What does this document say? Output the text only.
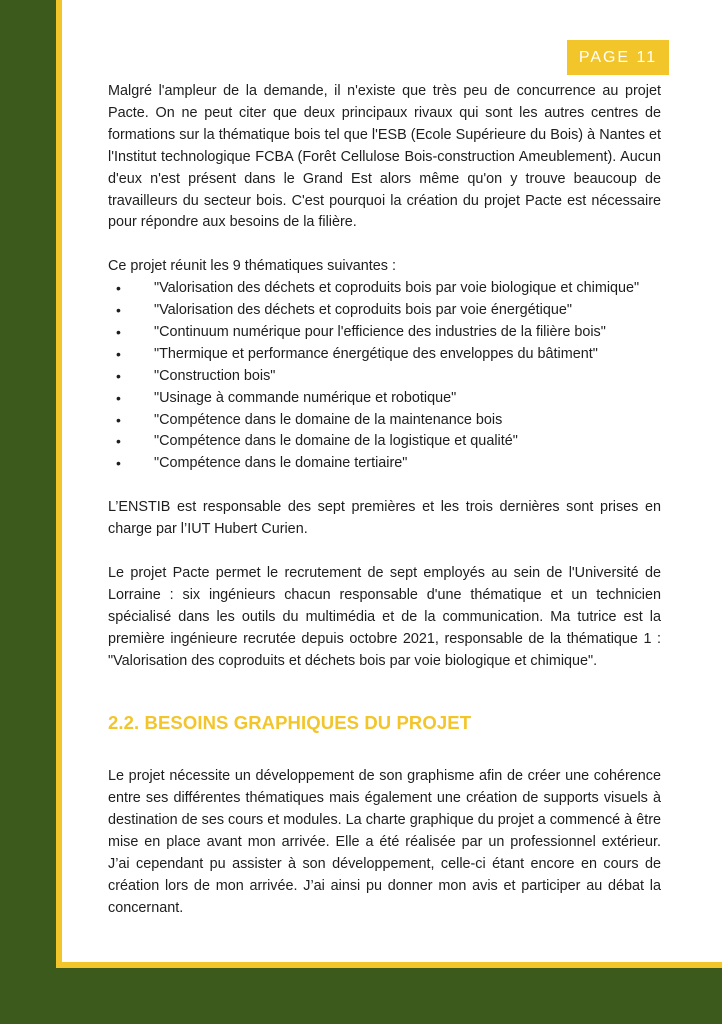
PAGE 11

Malgré l'ampleur de la demande, il n'existe que très peu de concurrence au projet Pacte. On ne peut citer que deux principaux rivaux qui sont les autres centres de formations sur la thématique bois tel que l'ESB (Ecole Supérieure du Bois) à Nantes et l'Institut technologique FCBA (Forêt Cellulose Bois-construction Ameublement). Aucun d'eux n'est présent dans le Grand Est alors même qu'on y trouve beaucoup de travailleurs du secteur bois. C'est pourquoi la création du projet Pacte est nécessaire pour répondre aux besoins de la filière.

Ce projet réunit les 9 thématiques suivantes :

• "Valorisation des déchets et coproduits bois par voie biologique et chimique"
• "Valorisation des déchets et coproduits bois par voie énergétique"
• "Continuum numérique pour l'efficience des industries de la filière bois"
• "Thermique et performance énergétique des enveloppes du bâtiment"
• "Construction bois"
• "Usinage à commande numérique et robotique"
• "Compétence dans le domaine de la maintenance bois
• "Compétence dans le domaine de la logistique et qualité"
• "Compétence dans le domaine tertiaire"

L’ENSTIB est responsable des sept premières et les trois dernières sont prises en charge par l’IUT Hubert Curien.

Le projet Pacte permet le recrutement de sept employés au sein de l'Université de Lorraine : six ingénieurs chacun responsable d'une thématique et un technicien spécialisé dans les outils du multimédia et de la communication. Ma tutrice est la première ingénieure recrutée depuis octobre 2021, responsable de la thématique 1 : "Valorisation des coproduits et déchets bois par voie biologique et chimique".

2.2. BESOINS GRAPHIQUES DU PROJET

Le projet nécessite un développement de son graphisme afin de créer une cohérence entre ses différentes thématiques mais également une création de supports visuels à destination de ses cours et modules. La charte graphique du projet a commencé à être mise en place avant mon arrivée. Elle a été réalisée par un professionnel extérieur. J’ai cependant pu assister à son développement, celle-ci étant encore en cours de création lors de mon arrivée. J’ai ainsi pu donner mon avis et participer au débat la concernant.
